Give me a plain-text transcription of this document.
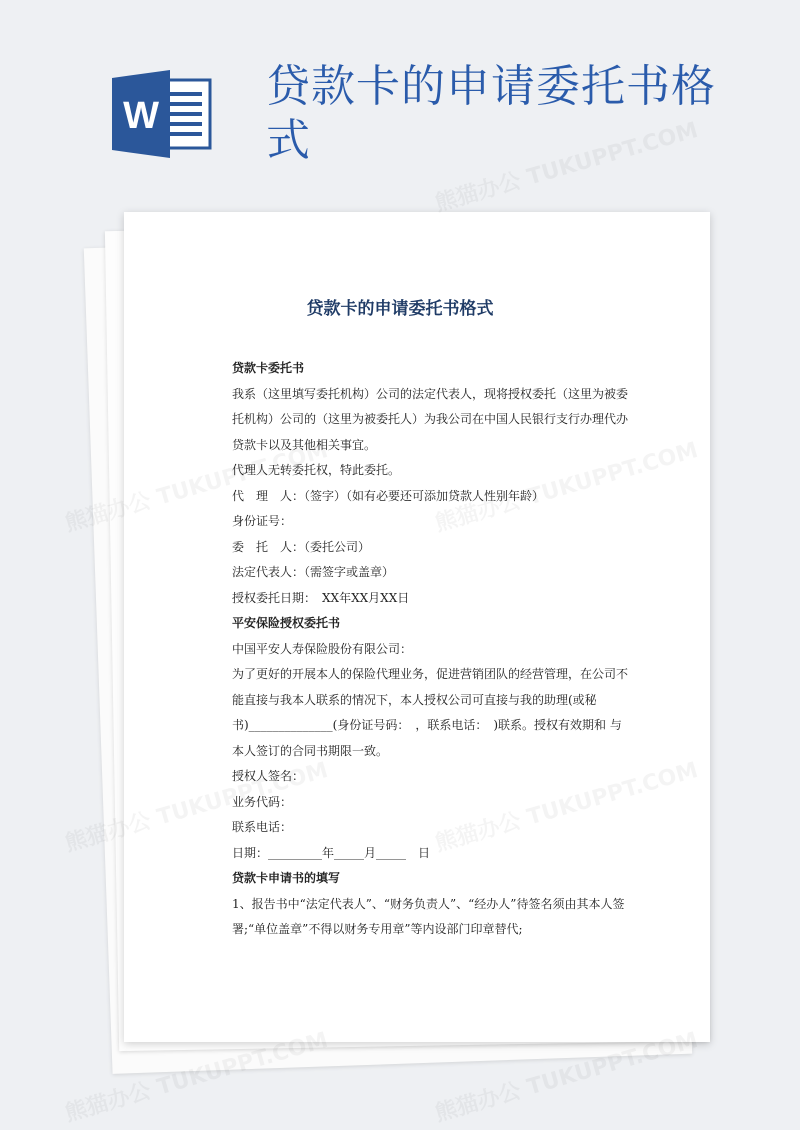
W
贷款卡的申请委托书格式
贷款卡的申请委托书格式

贷款卡委托书

我系（这里填写委托机构）公司的法定代表人，现将授权委托（这里为被委托机构）公司的（这里为被委托人）为我公司在中国人民银行支行办理代办贷款卡以及其他相关事宜。

代理人无转委托权，特此委托。

代　理　人：（签字）（如有必要还可添加贷款人性别年龄）

身份证号：

委　托　人：（委托公司）

法定代表人：（需签字或盖章）

授权委托日期：　XX年XX月XX日

平安保险授权委托书

中国平安人寿保险股份有限公司：

为了更好的开展本人的保险代理业务，促进营销团队的经营管理，在公司不能直接与我本人联系的情况下，本人授权公司可直接与我的助理(或秘书)______________(身份证号码：　，联系电话：　)联系。授权有效期和 与本人签订的合同书期限一致。

授权人签名：

业务代码：

联系电话：

日期：_________年_____月_____　日

贷款卡申请书的填写

1、报告书中“法定代表人”、“财务负责人”、“经办人”待签名须由其本人签署;“单位盖章”不得以财务专用章”等内设部门印章替代;
